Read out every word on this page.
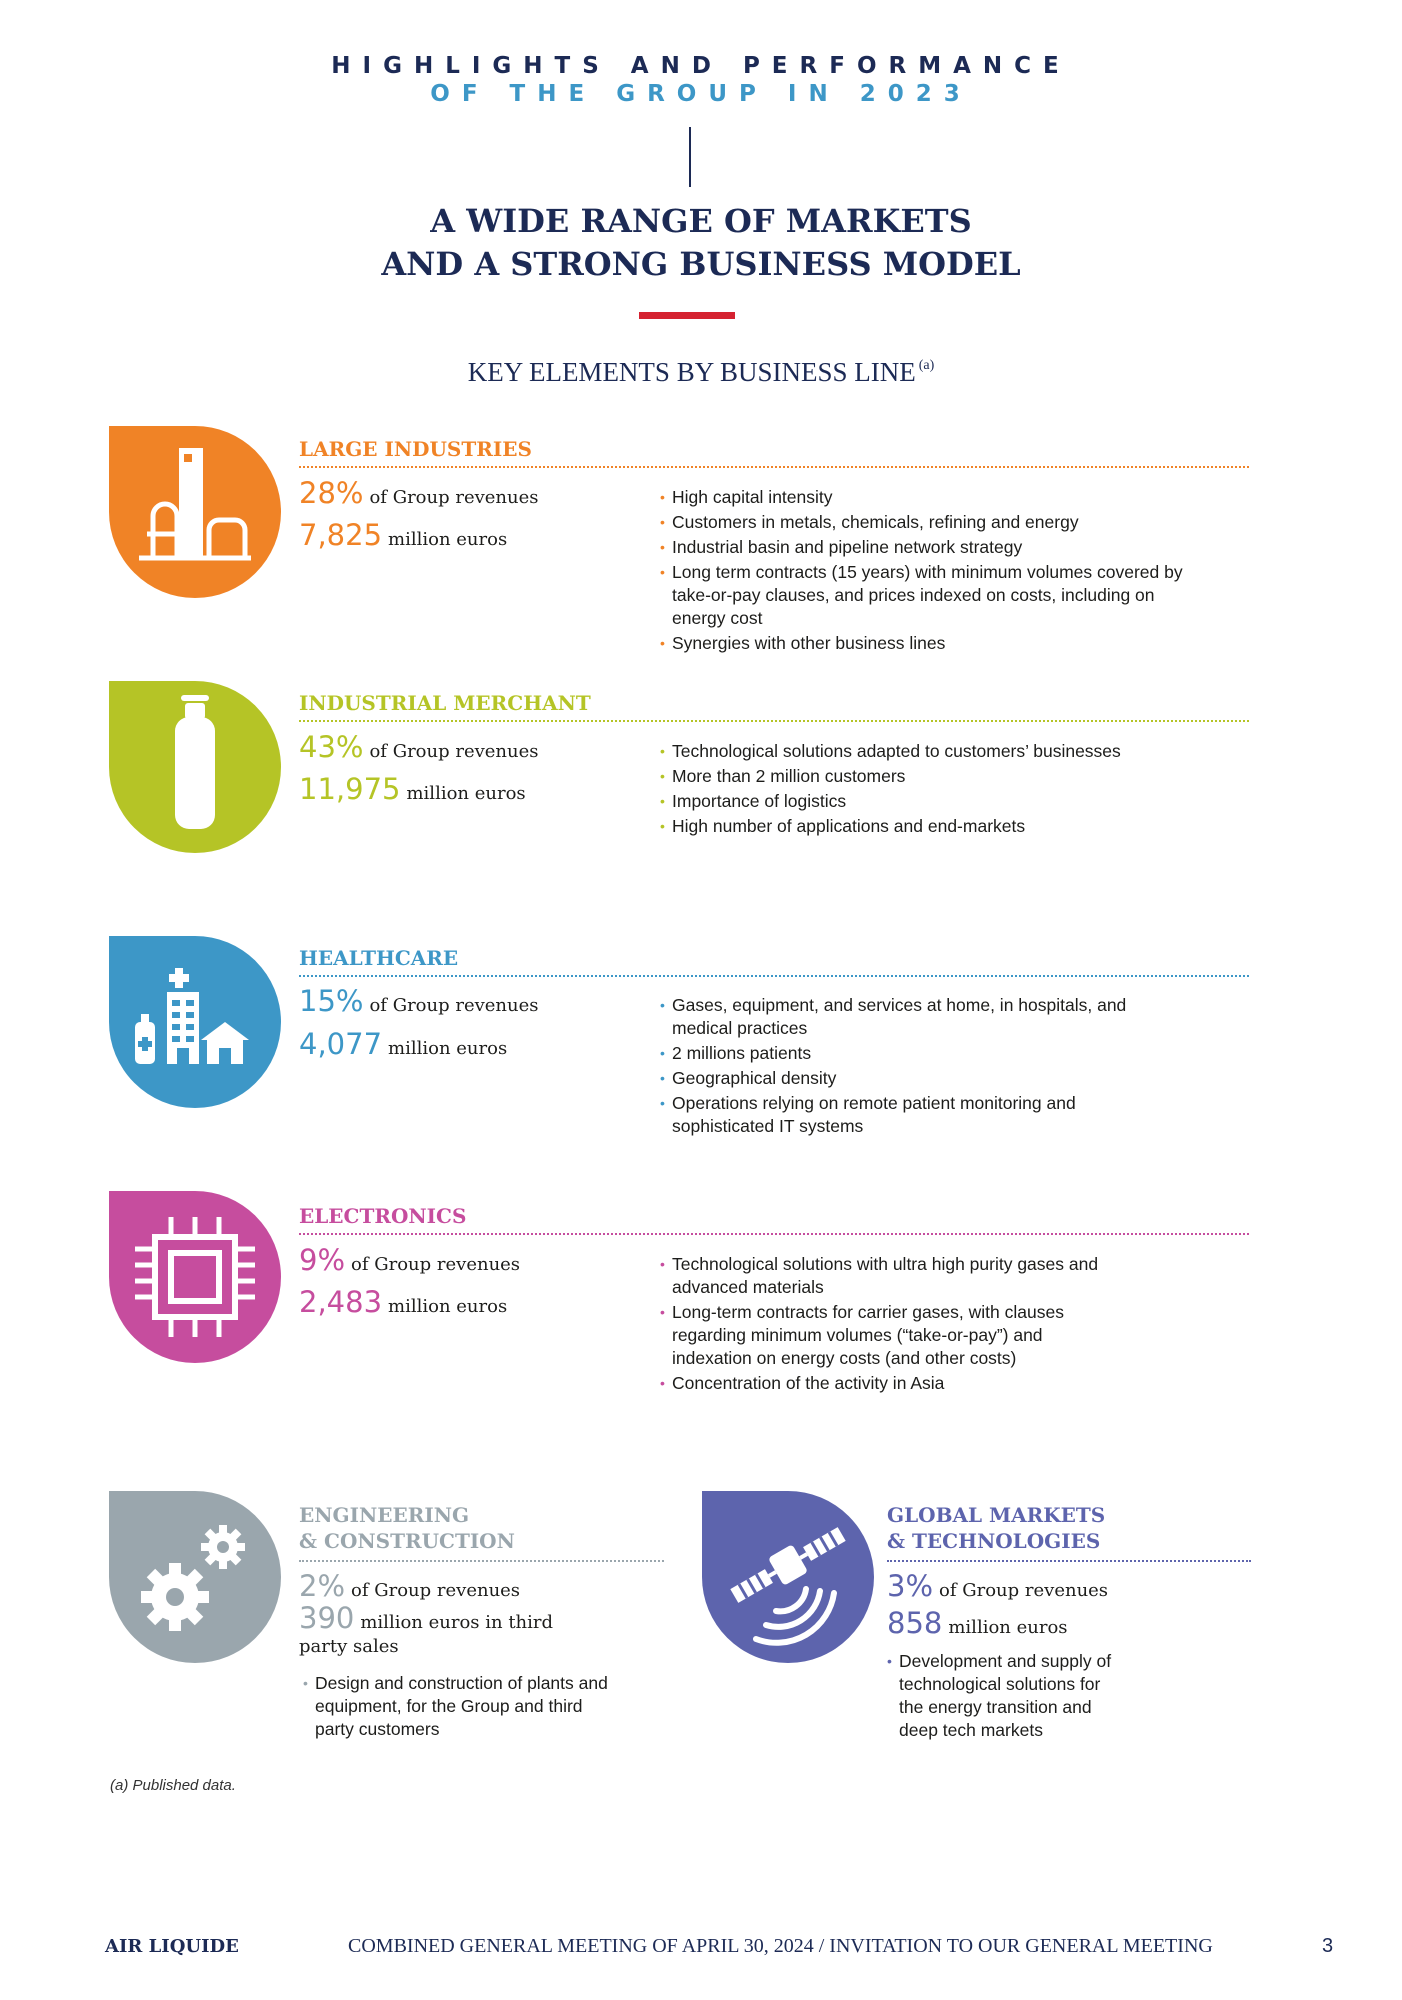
HIGHLIGHTS AND PERFORMANCE
OF THE GROUP IN 2023
A WIDE RANGE OF MARKETS
AND A STRONG BUSINESS MODEL
KEY ELEMENTS BY BUSINESS LINE $^{(a)}$
LARGE INDUSTRIES
28% of Group revenues
7,825 million euros
• High capital intensity
• Customers in metals, chemicals, refining and energy
• Industrial basin and pipeline network strategy
• Long term contracts (15 years) with minimum volumes covered by take-or-pay clauses, and prices indexed on costs, including on energy cost
• Synergies with other business lines
INDUSTRIAL MERCHANT
43% of Group revenues
11,975 million euros
• Technological solutions adapted to customers’ businesses
• More than 2 million customers
• Importance of logistics
• High number of applications and end-markets
HEALTHCARE
15% of Group revenues
4,077 million euros
• Gases, equipment, and services at home, in hospitals, and medical practices
• 2 millions patients
• Geographical density
• Operations relying on remote patient monitoring and sophisticated IT systems
ELECTRONICS
9% of Group revenues
2,483 million euros
• Technological solutions with ultra high purity gases and advanced materials
• Long-term contracts for carrier gases, with clauses regarding minimum volumes (“take-or-pay”) and indexation on energy costs (and other costs)
• Concentration of the activity in Asia
ENGINEERING
& CONSTRUCTION
2% of Group revenues
390 million euros in third party sales
• Design and construction of plants and equipment, for the Group and third party customers
GLOBAL MARKETS
& TECHNOLOGIES
3% of Group revenues
858 million euros
• Development and supply of technological solutions for the energy transition and deep tech markets
(a) Published data.
AIR LIQUIDE	COMBINED GENERAL MEETING OF APRIL 30, 2024 / INVITATION TO OUR GENERAL MEETING	3
